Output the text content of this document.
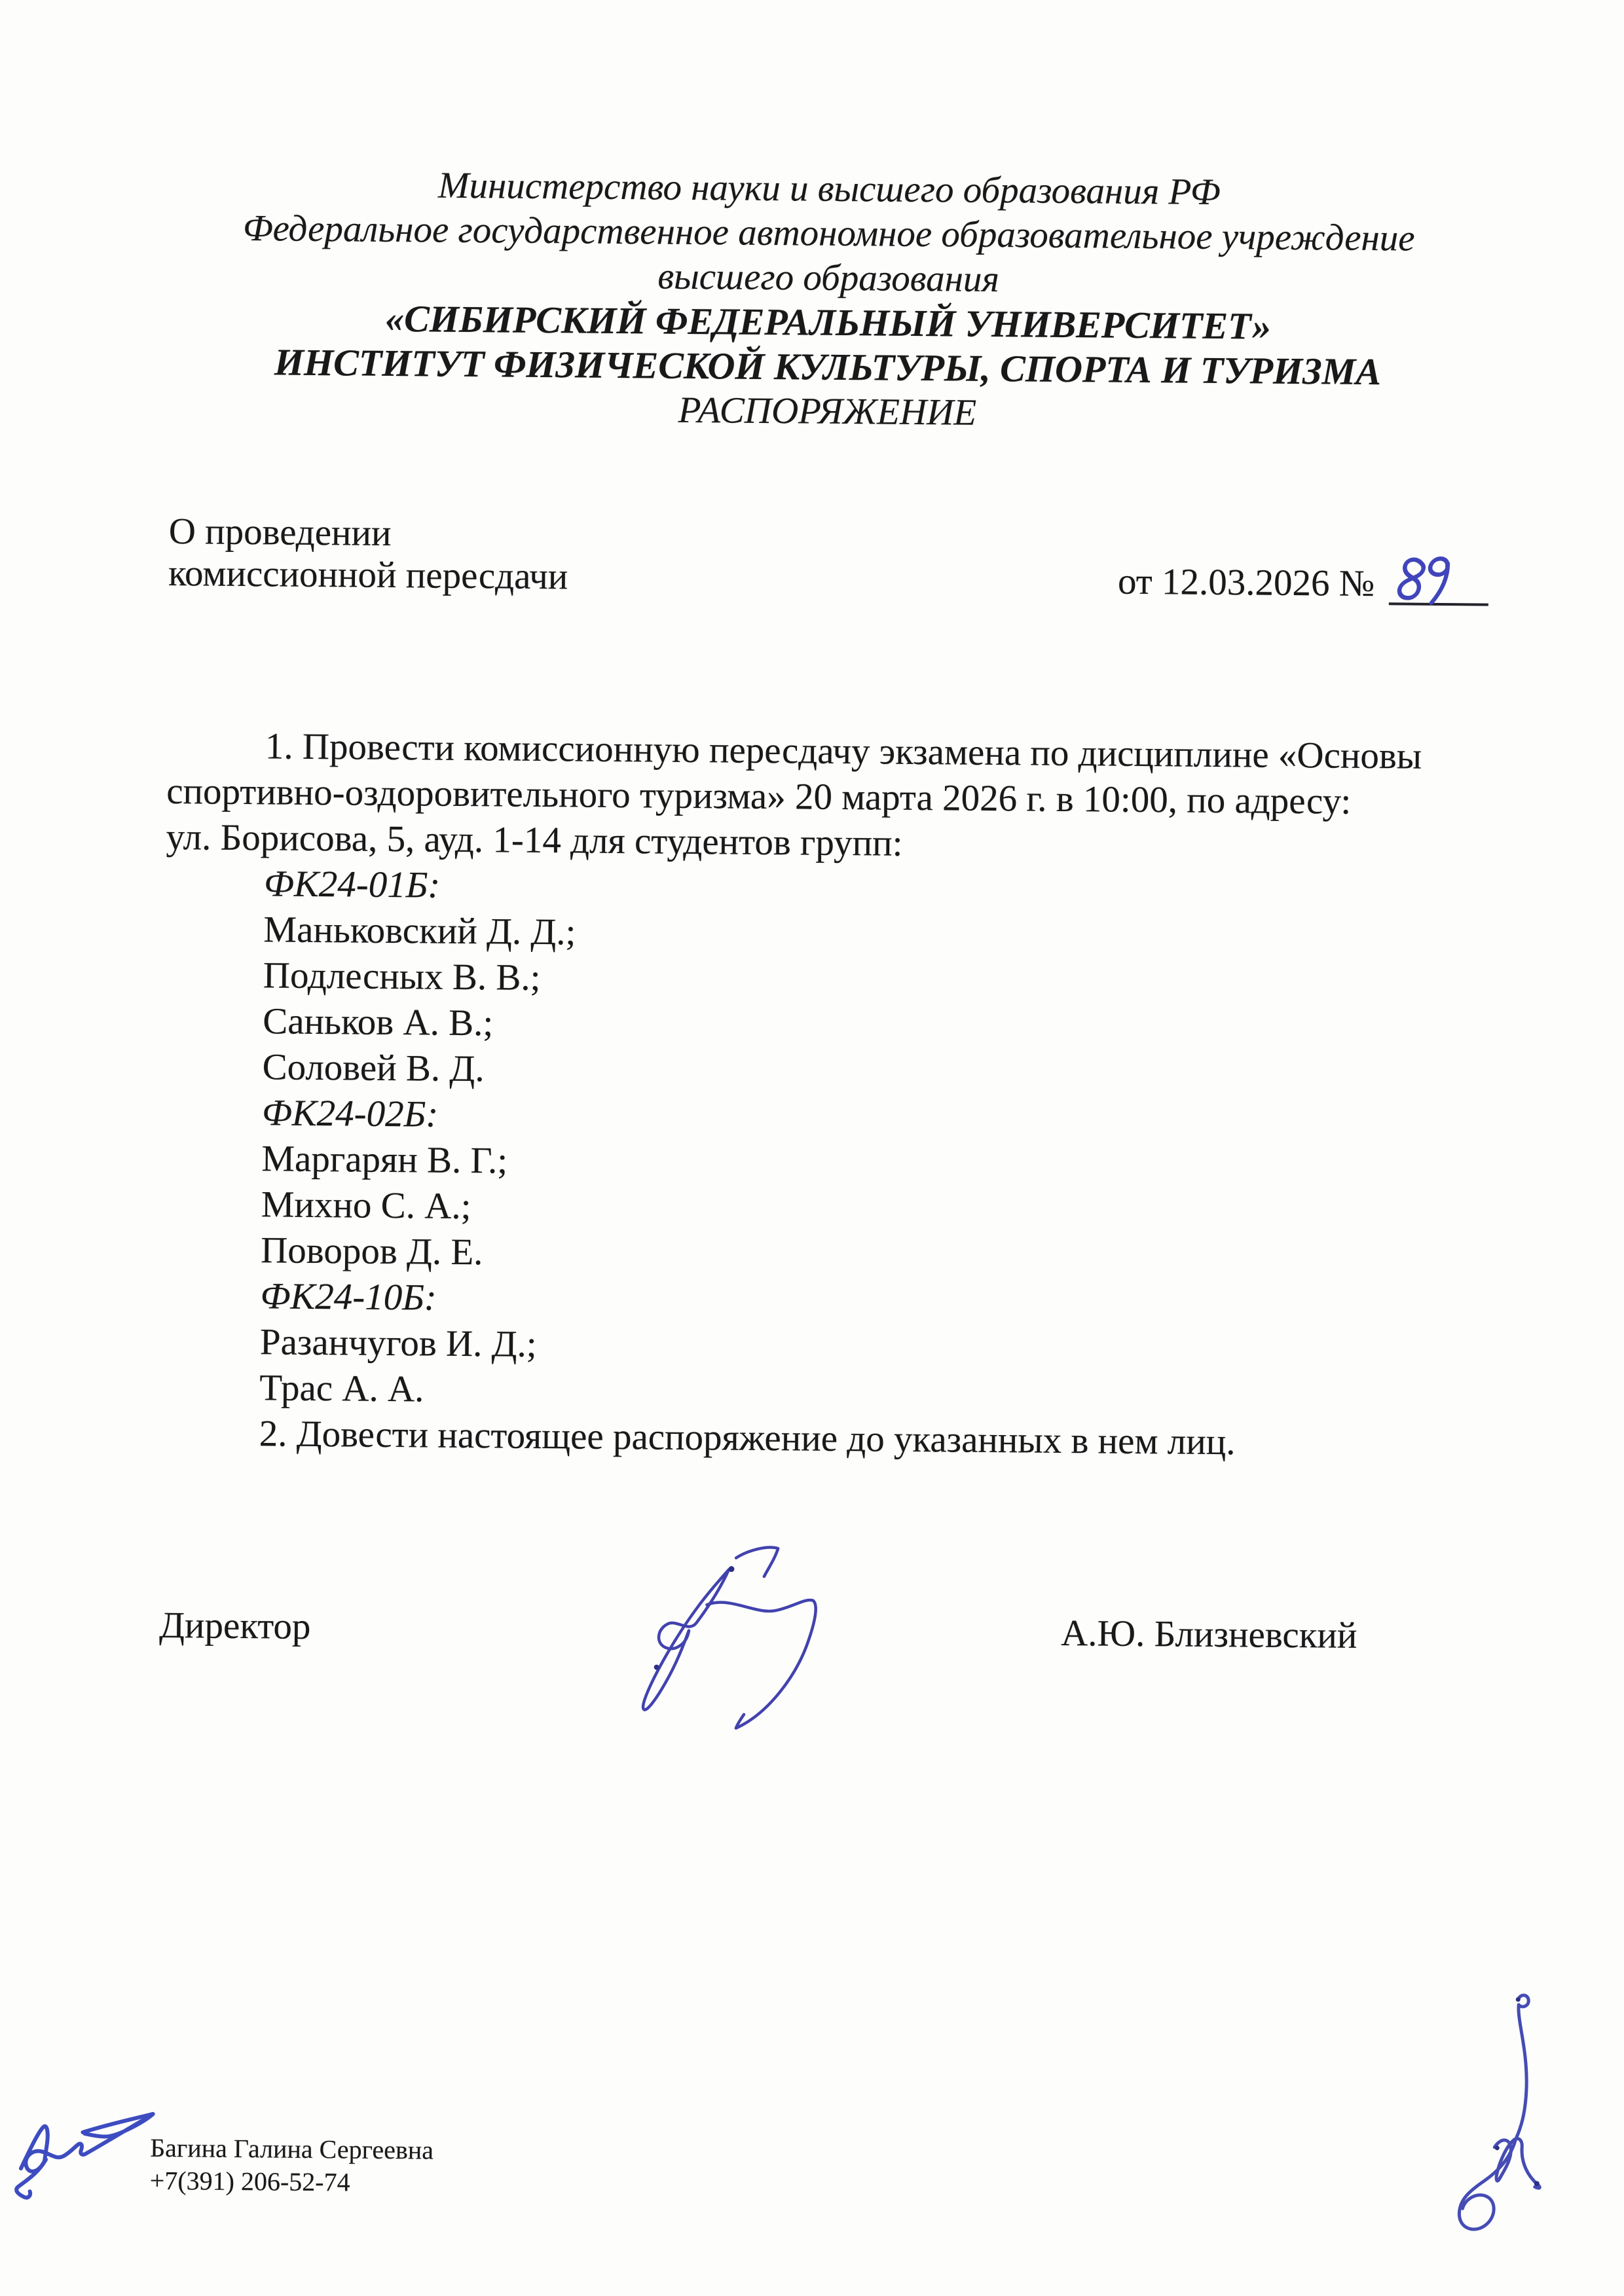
Министерство науки и высшего образования РФ

Федеральное государственное автономное образовательное учреждение

высшего образования

«СИБИРСКИЙ ФЕДЕРАЛЬНЫЙ УНИВЕРСИТЕТ»

ИНСТИТУТ ФИЗИЧЕСКОЙ КУЛЬТУРЫ, СПОРТА И ТУРИЗМА

РАСПОРЯЖЕНИЕ

О проведении
комиссионной пересдачи	от 12.03.2026 №

1. Провести комиссионную пересдачу экзамена по дисциплине «Основы

спортивно-оздоровительного туризма» 20 марта 2026 г. в 10:00, по адресу:

ул. Борисова, 5, ауд. 1-14 для студентов групп:

ФК24-01Б:

Маньковский Д. Д.;

Подлесных В. В.;

Саньков А. В.;

Соловей В. Д.

ФК24-02Б:

Маргарян В. Г.;

Михно С. А.;

Поворов Д. Е.

ФК24-10Б:

Разанчугов И. Д.;

Трас А. А.

2. Довести настоящее распоряжение до указанных в нем лиц.

Директор	А.Ю. Близневский

Багина Галина Сергеевна

+7(391) 206-52-74
